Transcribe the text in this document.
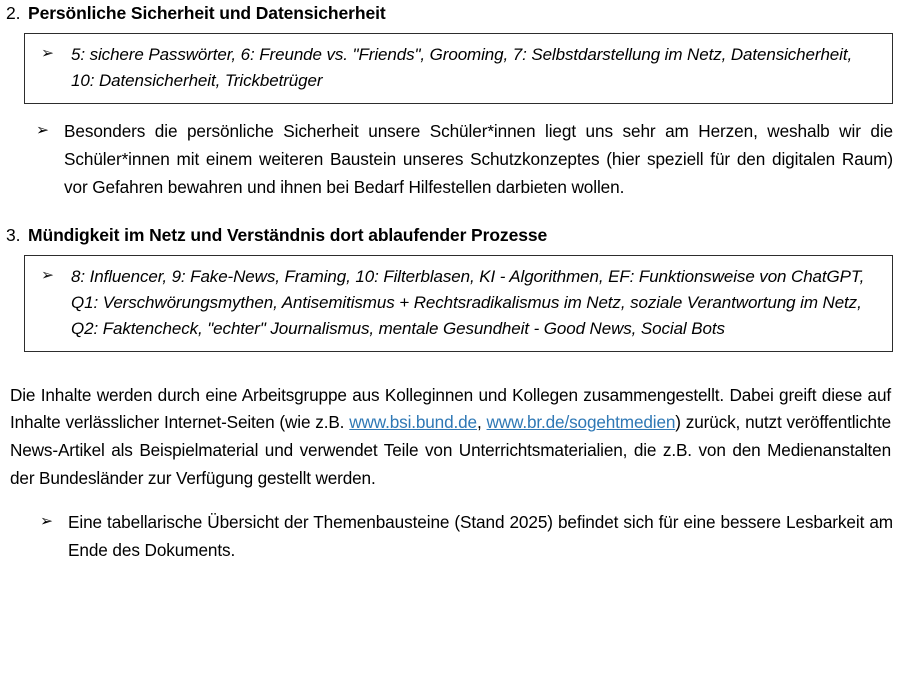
2. Persönliche Sicherheit und Datensicherheit
➢	5: sichere Passwörter, 6: Freunde vs. "Friends", Grooming, 7: Selbstdarstellung im Netz, Datensicherheit, 10: Datensicherheit, Trickbetrüger
➢ Besonders die persönliche Sicherheit unsere Schüler*innen liegt uns sehr am Herzen, weshalb wir die Schüler*innen mit einem weiteren Baustein unseres Schutzkonzeptes (hier speziell für den digitalen Raum) vor Gefahren bewahren und ihnen bei Bedarf Hilfestellen darbieten wollen.
3. Mündigkeit im Netz und Verständnis dort ablaufender Prozesse
➢	8: Influencer, 9: Fake-News, Framing, 10: Filterblasen, KI - Algorithmen, EF: Funktionsweise von ChatGPT, Q1: Verschwörungsmythen, Antisemitismus + Rechtsradikalismus im Netz, soziale Verantwortung im Netz, Q2: Faktencheck, "echter" Journalismus, mentale Gesundheit - Good News, Social Bots
Die Inhalte werden durch eine Arbeitsgruppe aus Kolleginnen und Kollegen zusammengestellt. Dabei greift diese auf Inhalte verlässlicher Internet-Seiten (wie z.B. www.bsi.bund.de, www.br.de/sogehtmedien) zurück, nutzt veröffentlichte News-Artikel als Beispielmaterial und verwendet Teile von Unterrichtsmaterialien, die z.B. von den Medienanstalten der Bundesländer zur Verfügung gestellt werden.
➢ Eine tabellarische Übersicht der Themenbausteine (Stand 2025) befindet sich für eine bessere Lesbarkeit am Ende des Dokuments.
